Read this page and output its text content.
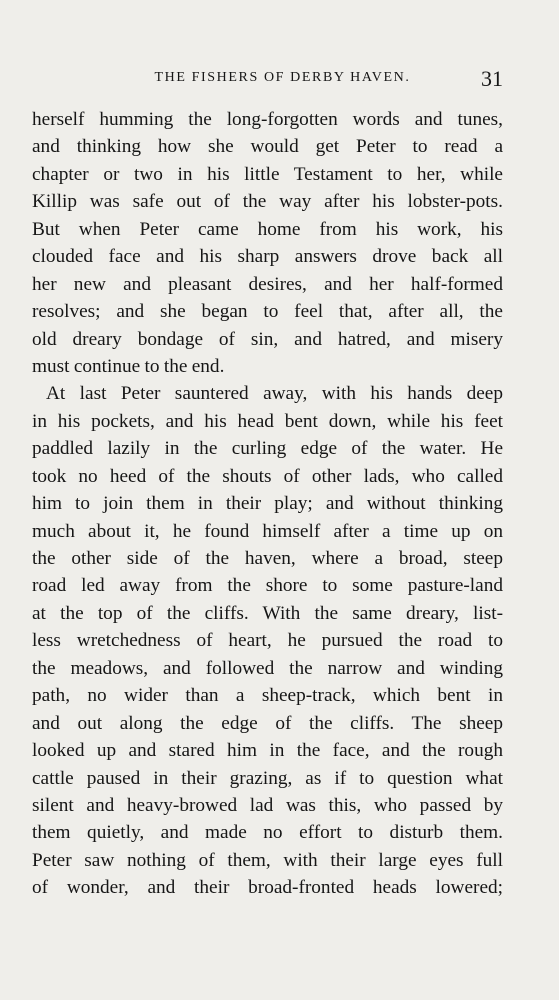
THE FISHERS OF DERBY HAVEN.	31
herself humming the long-forgotten words and tunes,
and thinking how she would get Peter to read a
chapter or two in his little Testament to her, while
Killip was safe out of the way after his lobster-pots.
But when Peter came home from his work, his
clouded face and his sharp answers drove back all
her new and pleasant desires, and her half-formed
resolves; and she began to feel that, after all, the
old dreary bondage of sin, and hatred, and misery
must continue to the end.
At last Peter sauntered away, with his hands deep
in his pockets, and his head bent down, while his feet
paddled lazily in the curling edge of the water. He
took no heed of the shouts of other lads, who called
him to join them in their play; and without thinking
much about it, he found himself after a time up on
the other side of the haven, where a broad, steep
road led away from the shore to some pasture-land
at the top of the cliffs. With the same dreary, list-
less wretchedness of heart, he pursued the road to
the meadows, and followed the narrow and winding
path, no wider than a sheep-track, which bent in
and out along the edge of the cliffs. The sheep
looked up and stared him in the face, and the rough
cattle paused in their grazing, as if to question what
silent and heavy-browed lad was this, who passed by
them quietly, and made no effort to disturb them.
Peter saw nothing of them, with their large eyes full
of wonder, and their broad-fronted heads lowered;
